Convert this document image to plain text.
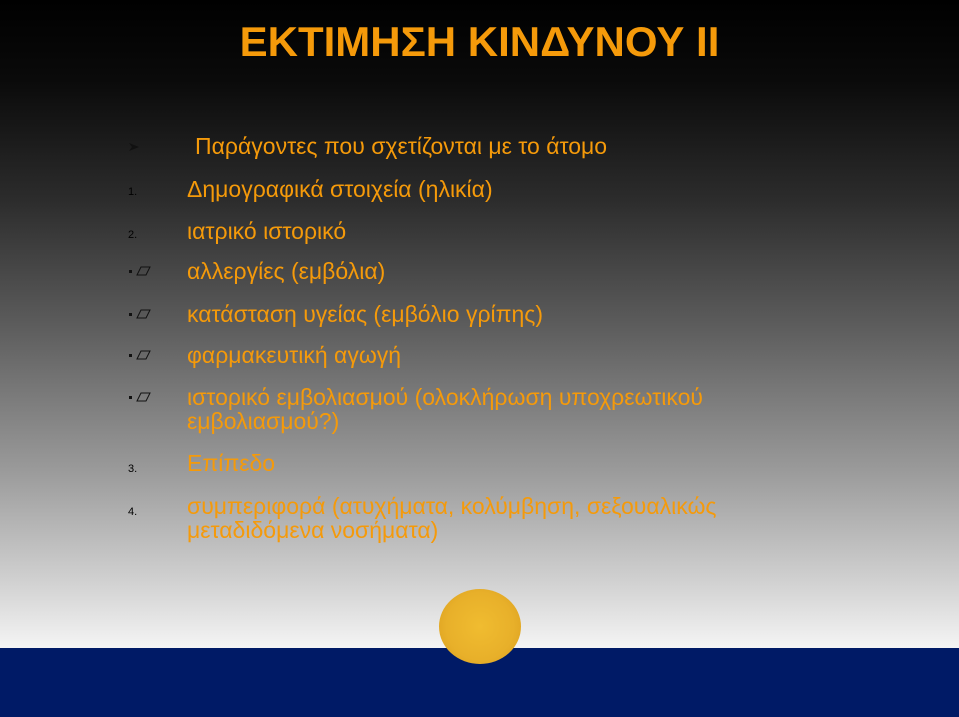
ΕΚΤΙΜΗΣΗ ΚΙΝΔΥΝΟΥ ΙΙ
Παράγοντες που σχετίζονται με το άτομο
1. Δημογραφικά στοιχεία (ηλικία)
2. ιατρικό ιστορικό
αλλεργίες (εμβόλια)
κατάσταση υγείας (εμβόλιο γρίπης)
φαρμακευτική αγωγή
ιστορικό εμβολιασμού (ολοκλήρωση υποχρεωτικού εμβολιασμού?)
3. Επίπεδο
4. συμπεριφορά (ατυχήματα, κολύμβηση, σεξουαλικώς μεταδιδόμενα νοσήματα)
